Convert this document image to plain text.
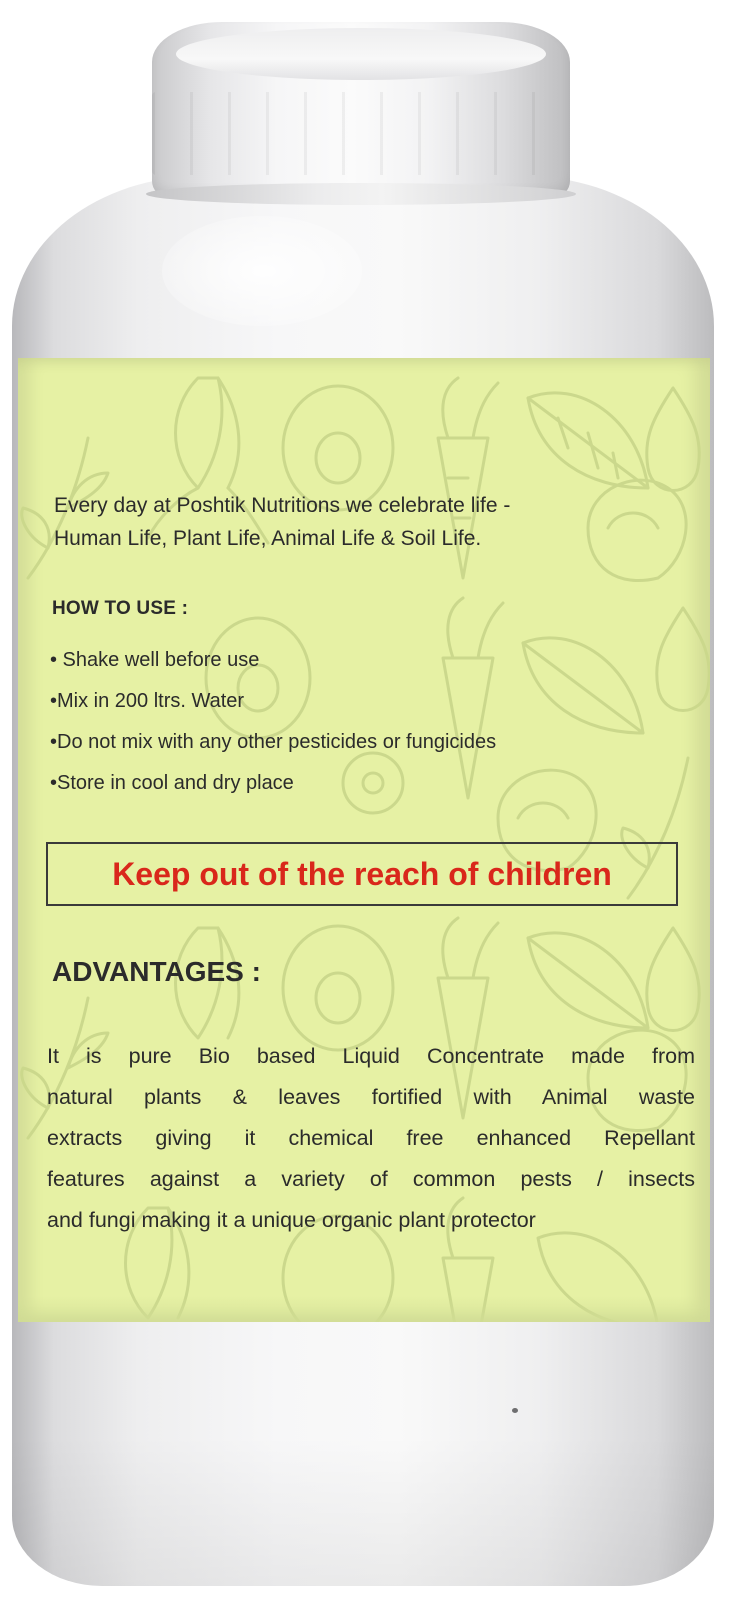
Every day at Poshtik Nutritions we celebrate life -
Human Life, Plant Life, Animal Life & Soil Life.
HOW TO USE :
• Shake well before use
•Mix in 200 ltrs. Water
•Do not mix with any other pesticides or fungicides
•Store in cool and dry place
Keep out of the reach of children
ADVANTAGES :
It is pure Bio based Liquid Concentrate made from
natural plants & leaves fortified with Animal waste
extracts giving it chemical free enhanced Repellant
features against a variety of common pests / insects
and fungi making it a unique organic plant protector
